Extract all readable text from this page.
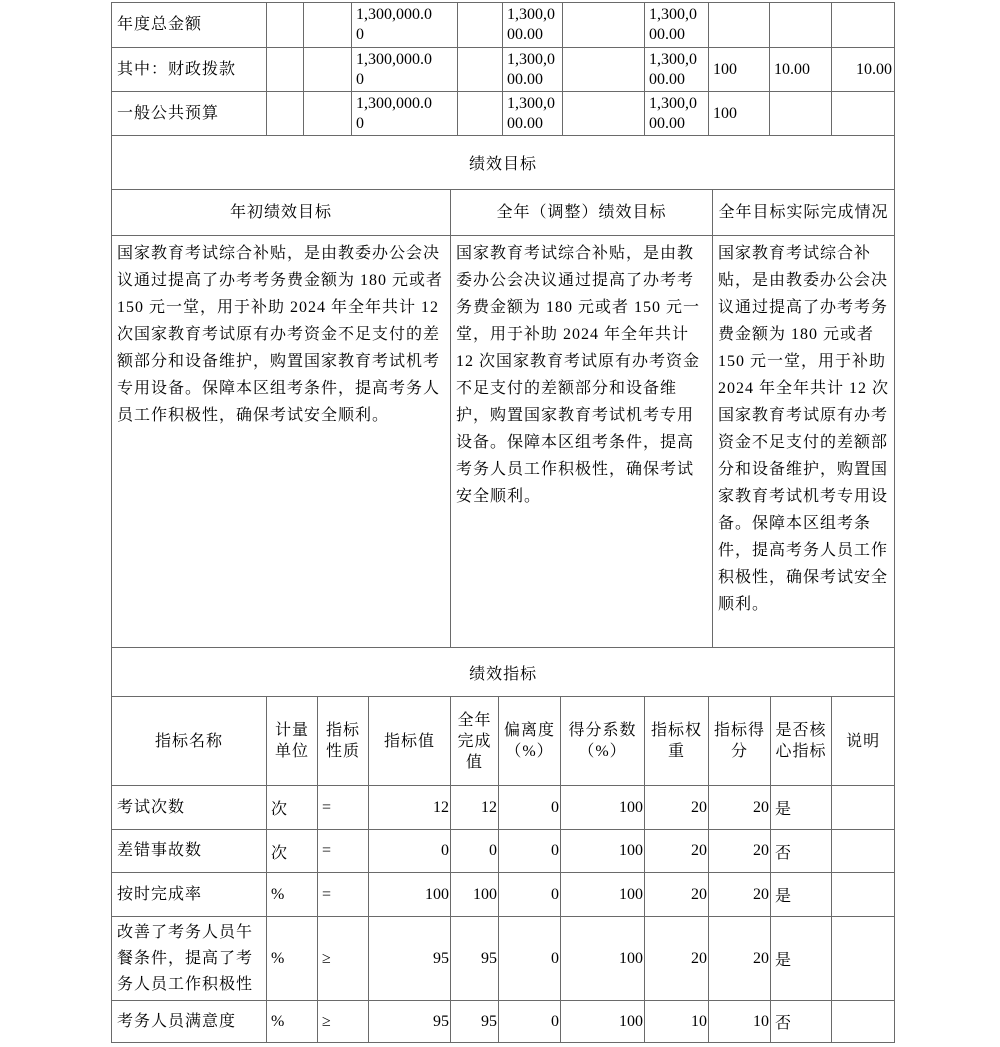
年度总金额			1,300,000.00		1,300,000.00		1,300,000.00			
其中：财政拨款			1,300,000.00		1,300,000.00		1,300,000.00	100	10.00	10.00
一般公共预算			1,300,000.00		1,300,000.00		1,300,000.00	100		
绩效目标		
年初绩效目标	全年（调整）绩效目标	全年目标实际完成情况
国家教育考试综合补贴，是由教委办公会决议通过提高了办考考务费金额为 180 元或者 150 元一堂，用于补助 2024 年全年共计 12 次国家教育考试原有办考资金不足支付的差额部分和设备维护，购置国家教育考试机考专用设备。保障本区组考条件，提高考务人员工作积极性，确保考试安全顺利。	国家教育考试综合补贴，是由教委办公会决议通过提高了办考考务费金额为 180 元或者 150 元一堂，用于补助 2024 年全年共计 12 次国家教育考试原有办考资金不足支付的差额部分和设备维护，购置国家教育考试机考专用设备。保障本区组考条件，提高考务人员工作积极性，确保考试安全顺利。	国家教育考试综合补贴，是由教委办公会决议通过提高了办考考务费金额为 180 元或者 150 元一堂，用于补助 2024 年全年共计 12 次国家教育考试原有办考资金不足支付的差额部分和设备维护，购置国家教育考试机考专用设备。保障本区组考条件，提高考务人员工作积极性，确保考试安全顺利。
绩效指标										
指标名称	计量单位	指标性质	指标值	全年完成值	偏离度（%）	得分系数（%）	指标权重	指标得分	是否核心指标	说明
考试次数	次	=	12	12	0	100	20	20	是	
差错事故数	次	=	0	0	0	100	20	20	否	
按时完成率	%	=	100	100	0	100	20	20	是	
改善了考务人员午餐条件，提高了考务人员工作积极性	%	≥	95	95	0	100	20	20	是	
考务人员满意度	%	≥	95	95	0	100	10	10	否	
